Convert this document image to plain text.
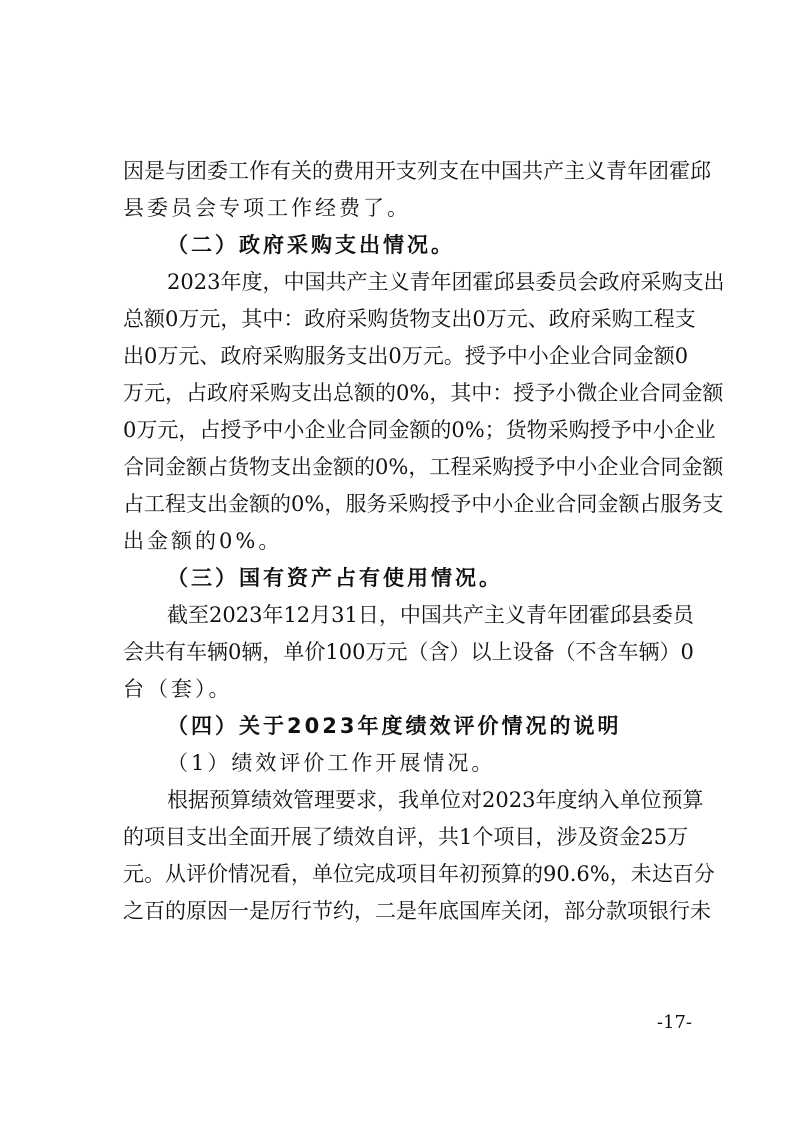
因是与团委工作有关的费用开支列支在中国共产主义青年团霍邱
县委员会专项工作经费了。
（二）政府采购支出情况。
2023年度，中国共产主义青年团霍邱县委员会政府采购支出
总额0万元，其中：政府采购货物支出0万元、政府采购工程支
出0万元、政府采购服务支出0万元。授予中小企业合同金额0
万元，占政府采购支出总额的0%，其中：授予小微企业合同金额
0万元，占授予中小企业合同金额的0%；货物采购授予中小企业
合同金额占货物支出金额的0%，工程采购授予中小企业合同金额
占工程支出金额的0%，服务采购授予中小企业合同金额占服务支
出金额的0%。
（三）国有资产占有使用情况。
截至2023年12月31日，中国共产主义青年团霍邱县委员
会共有车辆0辆，单价100万元（含）以上设备（不含车辆）0
台（套）。
（四）关于2023年度绩效评价情况的说明
（1）绩效评价工作开展情况。
根据预算绩效管理要求，我单位对2023年度纳入单位预算
的项目支出全面开展了绩效自评，共1个项目，涉及资金25万
元。从评价情况看，单位完成项目年初预算的90.6%，未达百分
之百的原因一是厉行节约，二是年底国库关闭，部分款项银行未
-17-
